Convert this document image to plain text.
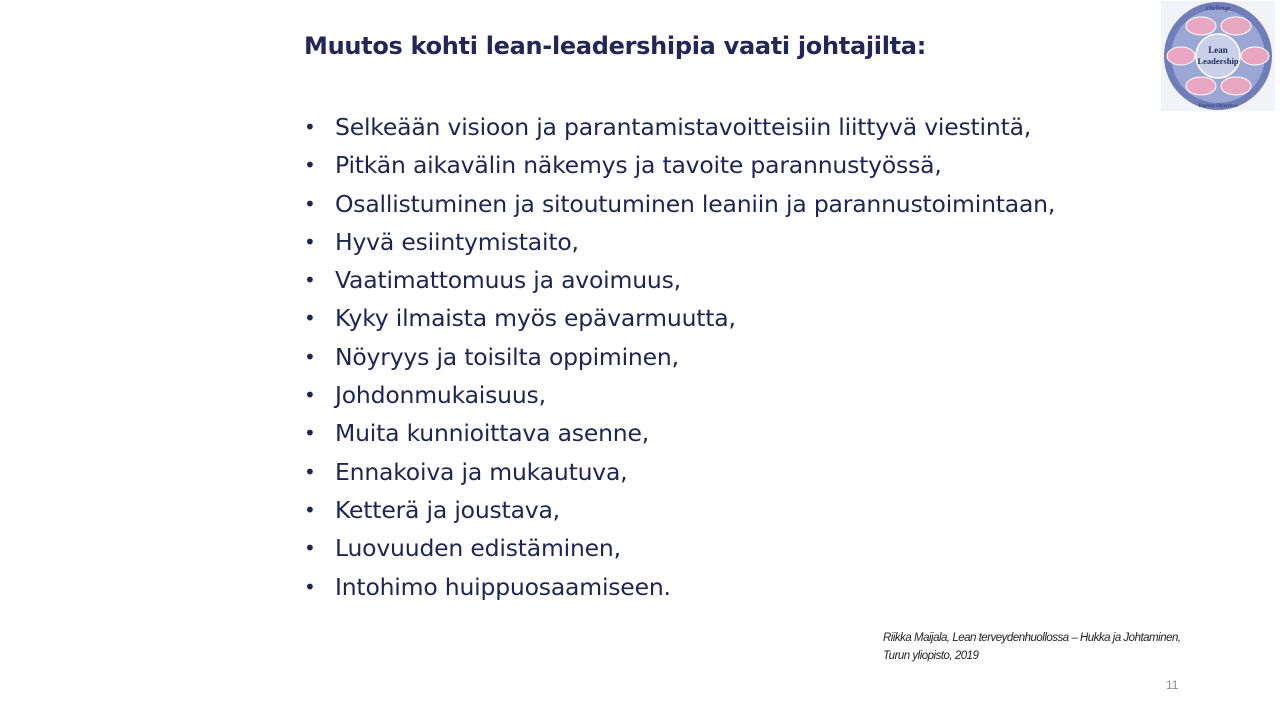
Muutos kohti lean-leadershipia vaati johtajilta:
• Selkeään visioon ja parantamistavoitteisiin liittyvä viestintä,
• Pitkän aikavälin näkemys ja tavoite parannustyössä,
• Osallistuminen ja sitoutuminen leaniin ja parannustoimintaan,
• Hyvä esiintymistaito,
• Vaatimattomuus ja avoimuus,
• Kyky ilmaista myös epävarmuutta,
• Nöyryys ja toisilta oppiminen,
• Johdonmukaisuus,
• Muita kunnioittava asenne,
• Ennakoiva ja mukautuva,
• Ketterä ja joustava,
• Luovuuden edistäminen,
• Intohimo huippuosaamiseen.
Riikka Maijala, Lean terveydenhuollossa – Hukka ja Johtaminen,
Turun yliopisto, 2019
11
Challenge
Lean
Leadership
Improve Objectives
